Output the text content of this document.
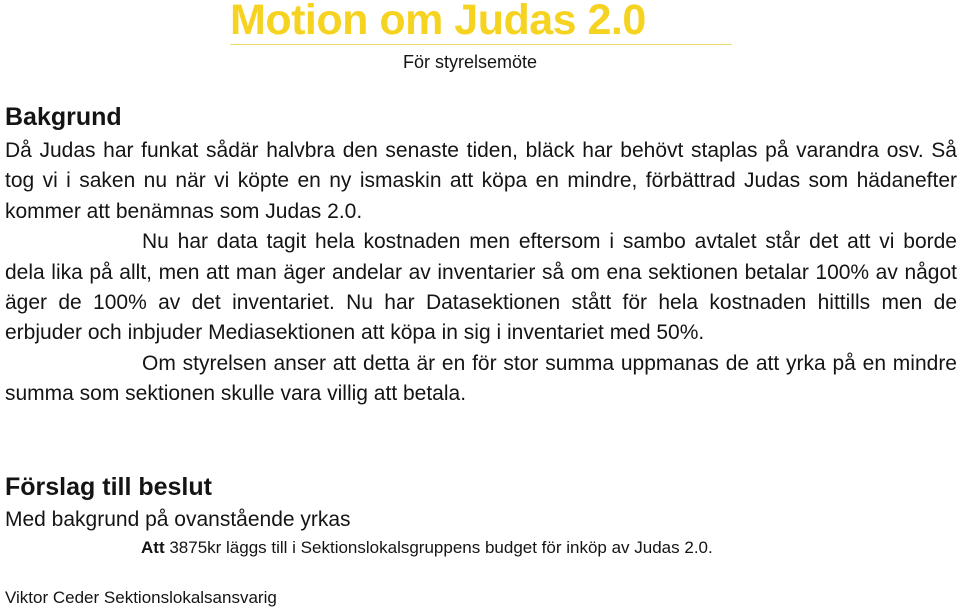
Motion om Judas 2.0
För styrelsemöte
Bakgrund

Då Judas har funkat sådär halvbra den senaste tiden, bläck har behövt staplas på varandra osv. Så tog vi i saken nu när vi köpte en ny ismaskin att köpa en mindre, förbättrad Judas som hädanefter kommer att benämnas som Judas 2.0.

Nu har data tagit hela kostnaden men eftersom i sambo avtalet står det att vi borde dela lika på allt, men att man äger andelar av inventarier så om ena sektionen betalar 100% av något äger de 100% av det inventariet. Nu har Datasektionen stått för hela kostnaden hittills men de erbjuder och inbjuder Mediasektionen att köpa in sig i inventariet med 50%.

Om styrelsen anser att detta är en för stor summa uppmanas de att yrka på en mindre summa som sektionen skulle vara villig att betala.

Förslag till beslut
Med bakgrund på ovanstående yrkas
Att 3875kr läggs till i Sektionslokalsgruppens budget för inköp av Judas 2.0.
Viktor Ceder Sektionslokalsansvarig
